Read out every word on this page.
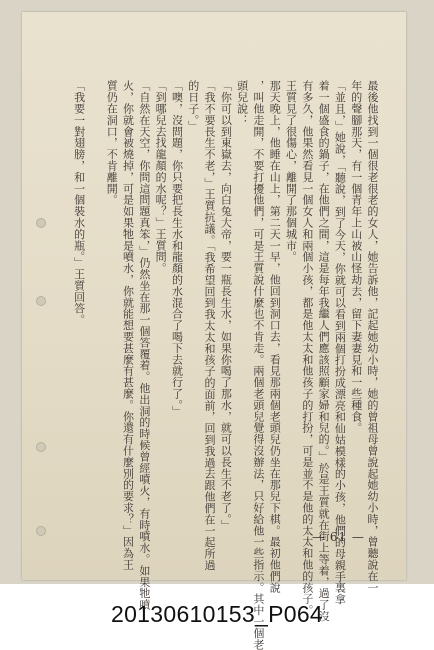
最後他找到一個很老很老的女人，她告訴他，記起她幼小時，她的曾祖母曾說起她幼小時，曾聽說在一
年的聲腳那天，有一個青年上山被山怪劫去，留下妻妻見和一些種食。
「並且，」她說，「聽說，到了今天，你就可以看到兩個打扮成漂亮和仙姑模樣的小孩，他們的母親手裏拿
着一個盛食的鍋子，在他們之間，這是每年我繼人們應該照顧家婦和兒的。」於是王質就在街上等着，過了沒
有多久，他果然看見一個女人和兩個小孩，都是他太太和他孩子的打扮，可是並不是他的太太和他的孩子。
王質見了很傷心，離開了那個城市。
那天晚上，他睡在山上，第二天一早，他回到洞口去，看見那兩個老頭兒仍坐在那兒下棋。最初他們說
，叫他走開，不要打擾他們，可是王質說什麼也不肯走。兩個老頭兒覺得沒辦法，只好給他一些指示。其中一個老
頭兒說：
「你可以到東嶽去，向白兔大帝，要一瓶長生水，如果你喝了那水，就可以長生不老了。」
「我不要長生不老，」王質抗議。「我希望回到我太太和孩子的面前，回到我過去跟他們在一起所過
的日子。」
「噢，沒問題，你只要把長生水和龍顏的水混合了喝下去就行了。」
「到哪兒去找龍顏的水呢？」王質問。
「自然在天空，你問這問題真笨，」仍然坐在那一個答覆着。他出洞的時候曾經噴火，有時噴水。如果牠噴
火，你就會被燒掉，可是如果牠是噴水，你就能想要甚麼有甚麼。你還有什麼別的要求？」因為王
質仍在洞口，不肯離開。
「我要一對翅膀，和一個裝水的瓶。」王質回答。
— 61 —
20130610153_P064
